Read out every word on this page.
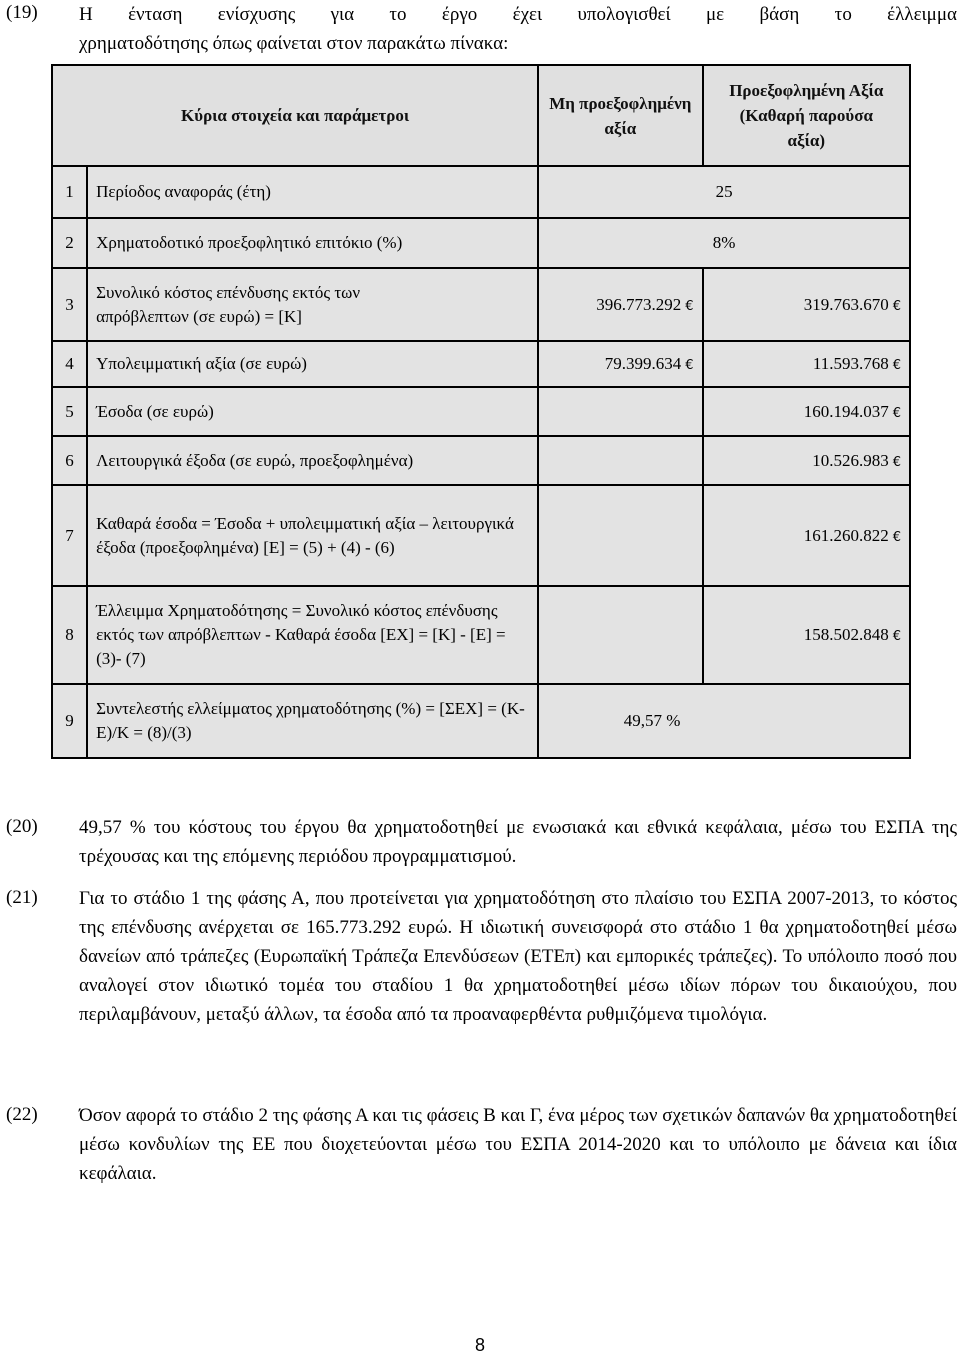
(19) Η ένταση ενίσχυσης για το έργο έχει υπολογισθεί με βάση το έλλειμμα
χρηματοδότησης όπως φαίνεται στον παρακάτω πίνακα:
Κύρια στοιχεία και παράμετροι		Μη προεξοφλημένη αξία	Προεξοφλημένη Αξία (Καθαρή παρούσα αξία)

1	Περίοδος αναφοράς (έτη)	25	
2	Χρηματοδοτικό προεξοφλητικό επιτόκιο (%)	8%	
3	Συνολικό κόστος επένδυσης εκτός των απρόβλεπτων (σε ευρώ) = [Κ]	396.773.292 €	319.763.670 €
4	Υπολειμματική αξία (σε ευρώ)	79.399.634 €	11.593.768 €
5	Έσοδα (σε ευρώ)		160.194.037 €
6	Λειτουργικά έξοδα (σε ευρώ, προεξοφλημένα)		10.526.983 €
7	Καθαρά έσοδα = Έσοδα + υπολειμματική αξία – λειτουργικά έξοδα (προεξοφλημένα) [Ε] = (5) + (4) - (6)		161.260.822 €
8	Έλλειμμα Χρηματοδότησης = Συνολικό κόστος επένδυσης εκτός των απρόβλεπτων - Καθαρά έσοδα [ΕΧ] = [Κ] - [Ε] = (3)- (7)		158.502.848 €
9	Συντελεστής ελλείμματος χρηματοδότησης (%) = [ΣΕΧ] = (Κ-Ε)/Κ = (8)/(3)	49,57 %	
(20) 49,57 % του κόστους του έργου θα χρηματοδοτηθεί με ενωσιακά και εθνικά κεφάλαια, μέσω του ΕΣΠΑ της τρέχουσας και της επόμενης περιόδου προγραμματισμού.
(21) Για το στάδιο 1 της φάσης Α, που προτείνεται για χρηματοδότηση στο πλαίσιο του ΕΣΠΑ 2007-2013, το κόστος της επένδυσης ανέρχεται σε 165.773.292 ευρώ. Η ιδιωτική συνεισφορά στο στάδιο 1 θα χρηματοδοτηθεί μέσω δανείων από τράπεζες (Ευρωπαϊκή Τράπεζα Επενδύσεων (ΕΤΕπ) και εμπορικές τράπεζες). Το υπόλοιπο ποσό που αναλογεί στον ιδιωτικό τομέα του σταδίου 1 θα χρηματοδοτηθεί μέσω ιδίων πόρων του δικαιούχου, που περιλαμβάνουν, μεταξύ άλλων, τα έσοδα από τα προαναφερθέντα ρυθμιζόμενα τιμολόγια.
(22) Όσον αφορά το στάδιο 2 της φάσης Α και τις φάσεις Β και Γ, ένα μέρος των σχετικών δαπανών θα χρηματοδοτηθεί μέσω κονδυλίων της ΕΕ που διοχετεύονται μέσω του ΕΣΠΑ 2014-2020 και το υπόλοιπο με δάνεια και ίδια κεφάλαια.
8
